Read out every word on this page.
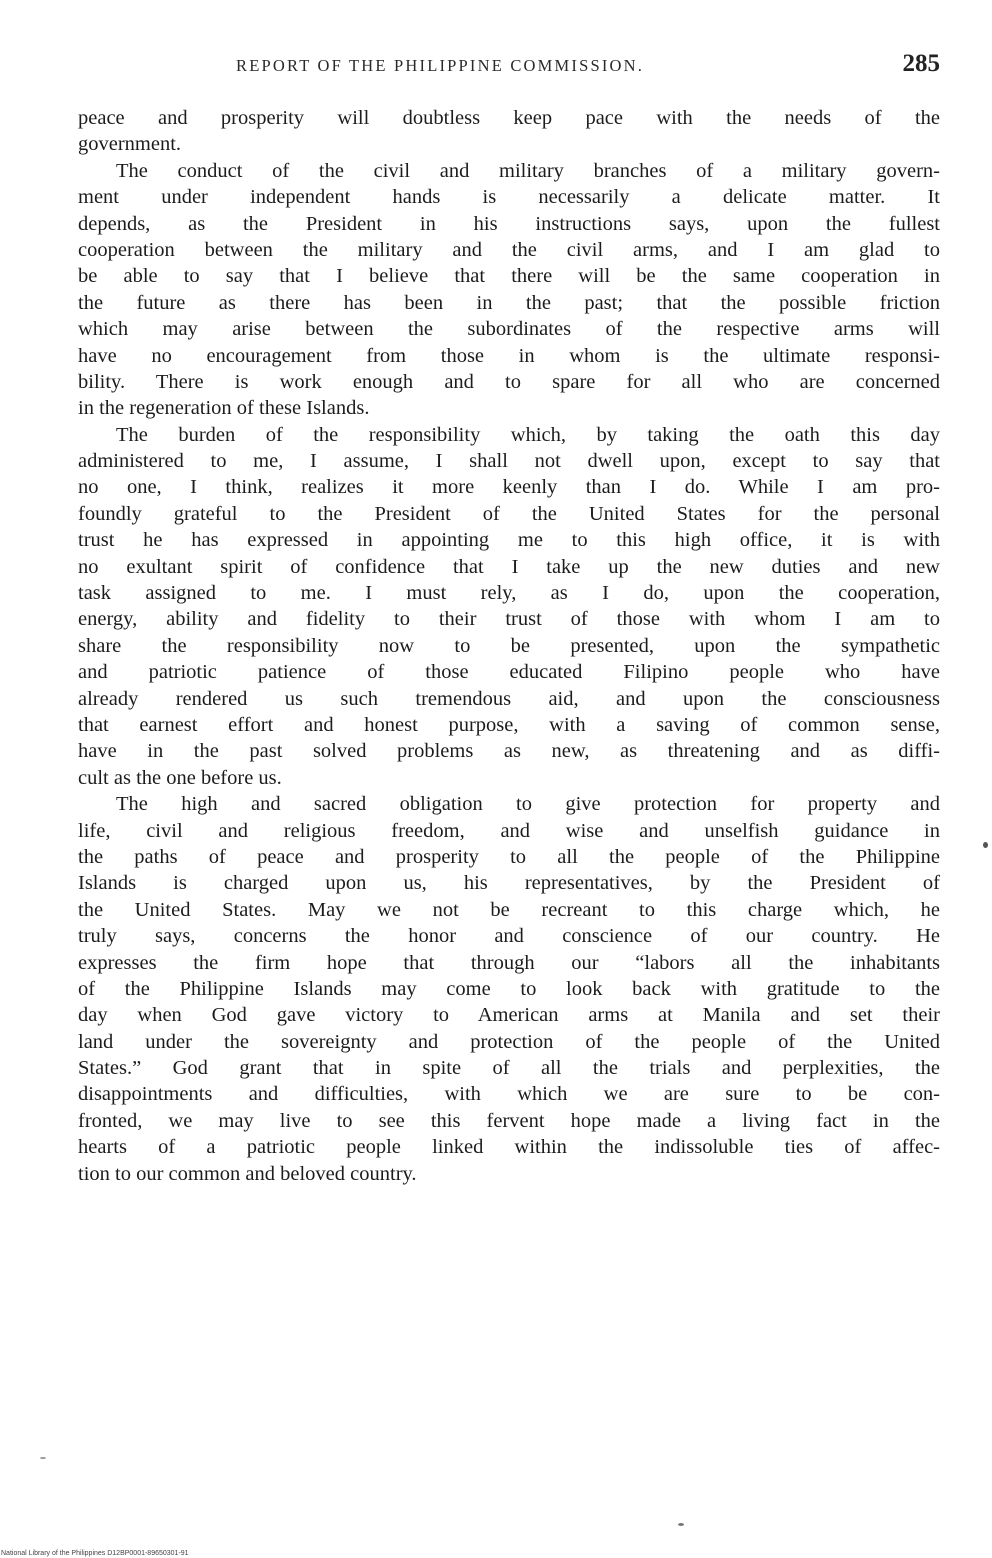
REPORT OF THE PHILIPPINE COMMISSION.	285
peace and prosperity will doubtless keep pace with the needs of the
government.
The conduct of the civil and military branches of a military govern-
ment under independent hands is necessarily a delicate matter. It
depends, as the President in his instructions says, upon the fullest
cooperation between the military and the civil arms, and I am glad to
be able to say that I believe that there will be the same cooperation in
the future as there has been in the past; that the possible friction
which may arise between the subordinates of the respective arms will
have no encouragement from those in whom is the ultimate responsi-
bility. There is work enough and to spare for all who are concerned
in the regeneration of these Islands.
The burden of the responsibility which, by taking the oath this day
administered to me, I assume, I shall not dwell upon, except to say that
no one, I think, realizes it more keenly than I do. While I am pro-
foundly grateful to the President of the United States for the personal
trust he has expressed in appointing me to this high office, it is with
no exultant spirit of confidence that I take up the new duties and new
task assigned to me. I must rely, as I do, upon the cooperation,
energy, ability and fidelity to their trust of those with whom I am to
share the responsibility now to be presented, upon the sympathetic
and patriotic patience of those educated Filipino people who have
already rendered us such tremendous aid, and upon the consciousness
that earnest effort and honest purpose, with a saving of common sense,
have in the past solved problems as new, as threatening and as diffi-
cult as the one before us.
The high and sacred obligation to give protection for property and
life, civil and religious freedom, and wise and unselfish guidance in
the paths of peace and prosperity to all the people of the Philippine
Islands is charged upon us, his representatives, by the President of
the United States. May we not be recreant to this charge which, he
truly says, concerns the honor and conscience of our country. He
expresses the firm hope that through our “labors all the inhabitants
of the Philippine Islands may come to look back with gratitude to the
day when God gave victory to American arms at Manila and set their
land under the sovereignty and protection of the people of the United
States.” God grant that in spite of all the trials and perplexities, the
disappointments and difficulties, with which we are sure to be con-
fronted, we may live to see this fervent hope made a living fact in the
hearts of a patriotic people linked within the indissoluble ties of affec-
tion to our common and beloved country.
National Library of the Philippines D12BP0001-89650301-91
